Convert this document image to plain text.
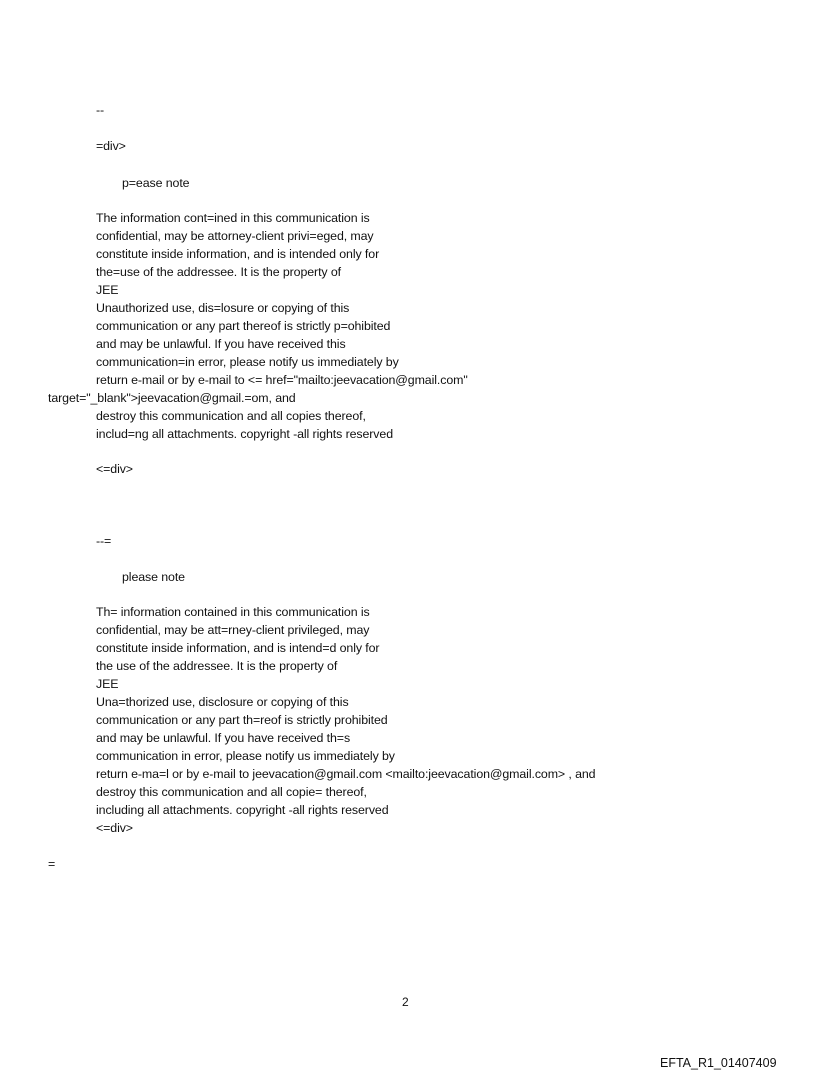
--
=div>
p=ease note
The information cont=ined in this communication is
confidential, may be attorney-client privi=eged, may
constitute inside information, and is intended only for
the=use of the addressee. It is the property of
JEE
Unauthorized use, dis=losure or copying of this
communication or any part thereof is strictly p=ohibited
and may be unlawful. If you have received this
communication=in error, please notify us immediately by
return e-mail or by e-mail to <= href="mailto:jeevacation@gmail.com"
target="_blank">jeevacation@gmail.=om, and
destroy this communication and all copies thereof,
includ=ng all attachments. copyright -all rights reserved
<=div>
--=
please note
Th= information contained in this communication is
confidential, may be att=rney-client privileged, may
constitute inside information, and is intend=d only for
the use of the addressee. It is the property of
JEE
Una=thorized use, disclosure or copying of this
communication or any part th=reof is strictly prohibited
and may be unlawful. If you have received th=s
communication in error, please notify us immediately by
return e-ma=l or by e-mail to jeevacation@gmail.com <mailto:jeevacation@gmail.com> , and
destroy this communication and all copie= thereof,
including all attachments. copyright -all rights reserved
<=div>
=
2
EFTA_R1_01407409
